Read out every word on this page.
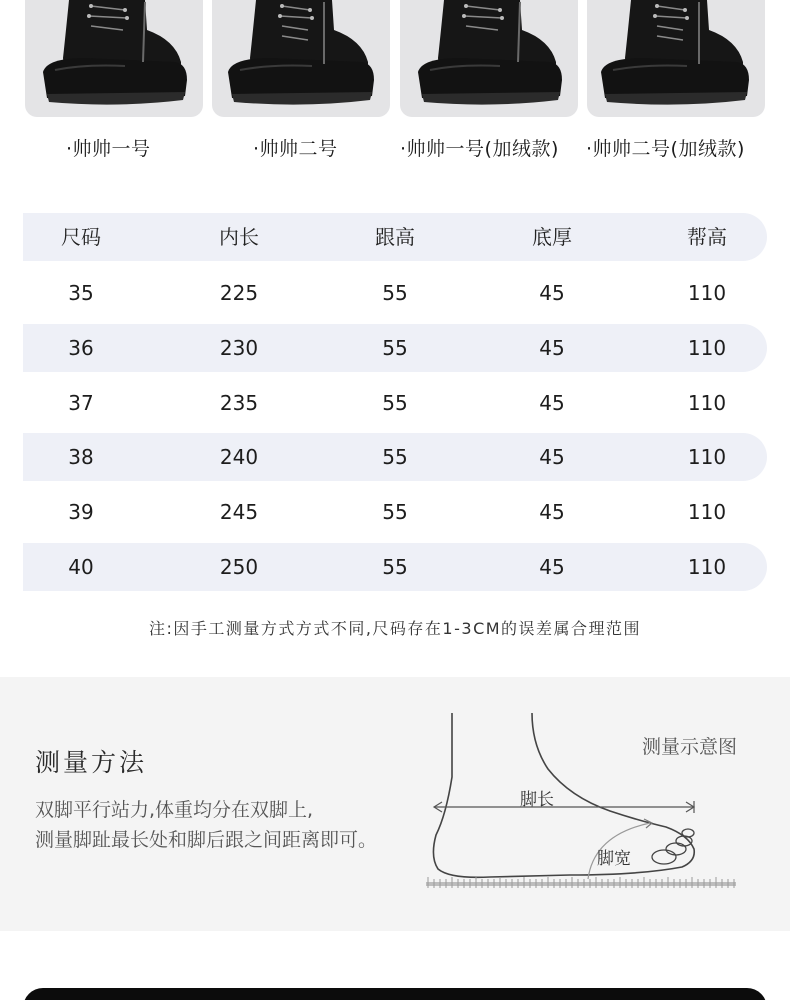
·帅帅一号	·帅帅二号	·帅帅一号(加绒款) ·帅帅二号(加绒款)
尺码	内长	跟高	底厚	帮高
35	225	55	45	110
36	230	55	45	110
37	235	55	45	110
38	240	55	45	110
39	245	55	45	110
40	250	55	45	110
注:因手工测量方式方式不同,尺码存在1-3CM的误差属合理范围
测量方法
双脚平行站力,体重均分在双脚上,
测量脚趾最长处和脚后跟之间距离即可。
测量示意图
脚长
脚宽
